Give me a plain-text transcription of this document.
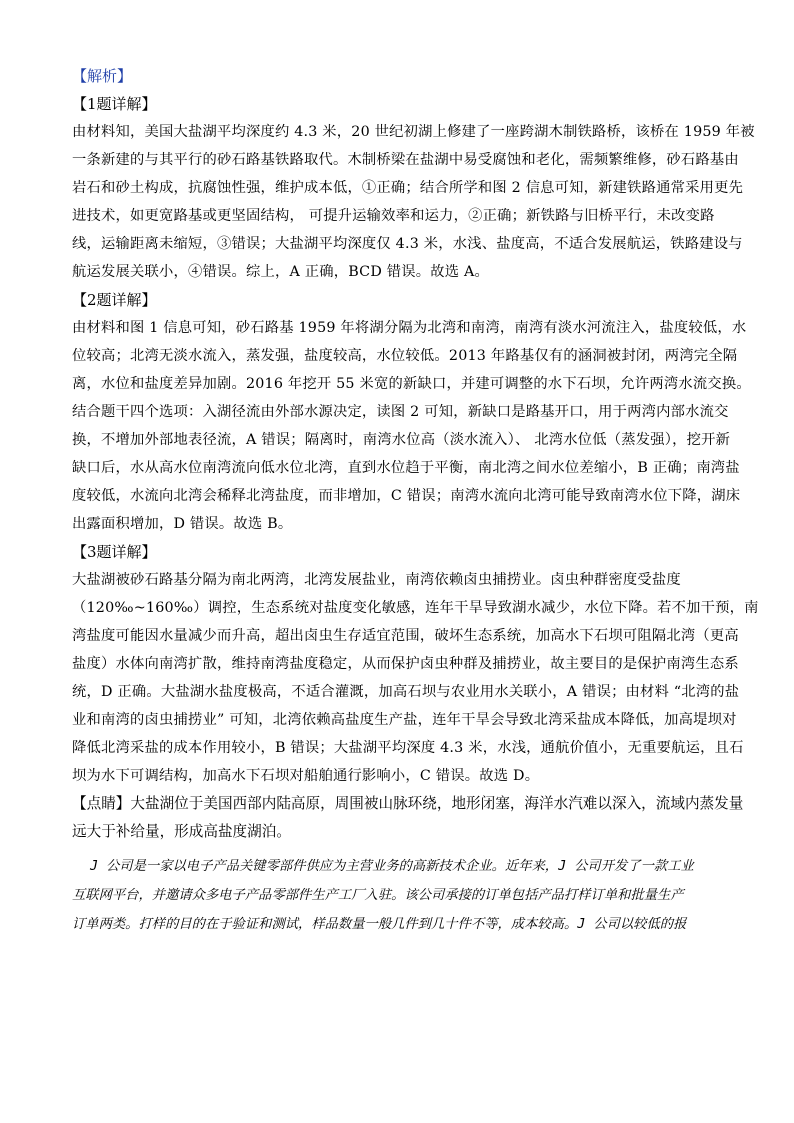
【解析】
【1题详解】
由材料知，美国大盐湖平均深度约 4.3 米，20 世纪初湖上修建了一座跨湖木制铁路桥，该桥在 1959 年被
一条新建的与其平行的砂石路基铁路取代。木制桥梁在盐湖中易受腐蚀和老化，需频繁维修，砂石路基由
岩石和砂土构成，抗腐蚀性强，维护成本低，①正确；结合所学和图 2 信息可知，新建铁路通常采用更先
进技术，如更宽路基或更坚固结构， 可提升运输效率和运力，②正确；新铁路与旧桥平行，未改变路
线，运输距离未缩短，③错误；大盐湖平均深度仅 4.3 米，水浅、盐度高，不适合发展航运，铁路建设与
航运发展关联小，④错误。综上，A 正确，BCD 错误。故选 A。
【2题详解】
由材料和图 1 信息可知，砂石路基 1959 年将湖分隔为北湾和南湾，南湾有淡水河流注入，盐度较低，水
位较高；北湾无淡水流入，蒸发强，盐度较高，水位较低。2013 年路基仅有的涵洞被封闭，两湾完全隔
离，水位和盐度差异加剧。2016 年挖开 55 米宽的新缺口，并建可调整的水下石坝，允许两湾水流交换。
结合题干四个选项：入湖径流由外部水源决定，读图 2 可知，新缺口是路基开口，用于两湾内部水流交
换，不增加外部地表径流，A 错误；隔离时，南湾水位高（淡水流入）、 北湾水位低（蒸发强），挖开新
缺口后，水从高水位南湾流向低水位北湾，直到水位趋于平衡，南北湾之间水位差缩小，B 正确；南湾盐
度较低，水流向北湾会稀释北湾盐度，而非增加，C 错误；南湾水流向北湾可能导致南湾水位下降，湖床
出露面积增加，D 错误。故选 B。
【3题详解】
大盐湖被砂石路基分隔为南北两湾，北湾发展盐业，南湾依赖卤虫捕捞业。卤虫种群密度受盐度
（120‰~160‰）调控，生态系统对盐度变化敏感，连年干旱导致湖水减少，水位下降。若不加干预，南
湾盐度可能因水量减少而升高，超出卤虫生存适宜范围，破坏生态系统，加高水下石坝可阻隔北湾（更高
盐度）水体向南湾扩散，维持南湾盐度稳定，从而保护卤虫种群及捕捞业，故主要目的是保护南湾生态系
统，D 正确。大盐湖水盐度极高，不适合灌溉，加高石坝与农业用水关联小，A 错误；由材料 “北湾的盐
业和南湾的卤虫捕捞业” 可知，北湾依赖高盐度生产盐，连年干旱会导致北湾采盐成本降低，加高堤坝对
降低北湾采盐的成本作用较小，B 错误；大盐湖平均深度 4.3 米，水浅，通航价值小，无重要航运，且石
坝为水下可调结构，加高水下石坝对船舶通行影响小，C 错误。故选 D。
【点睛】大盐湖位于美国西部内陆高原，周围被山脉环绕，地形闭塞，海洋水汽难以深入，流域内蒸发量
远大于补给量，形成高盐度湖泊。
J 公司是一家以电子产品关键零部件供应为主营业务的高新技术企业。近年来，J 公司开发了一款工业
互联网平台，并邀请众多电子产品零部件生产工厂入驻。该公司承接的订单包括产品打样订单和批量生产
订单两类。打样的目的在于验证和测试，样品数量一般几件到几十件不等，成本较高。J 公司以较低的报
